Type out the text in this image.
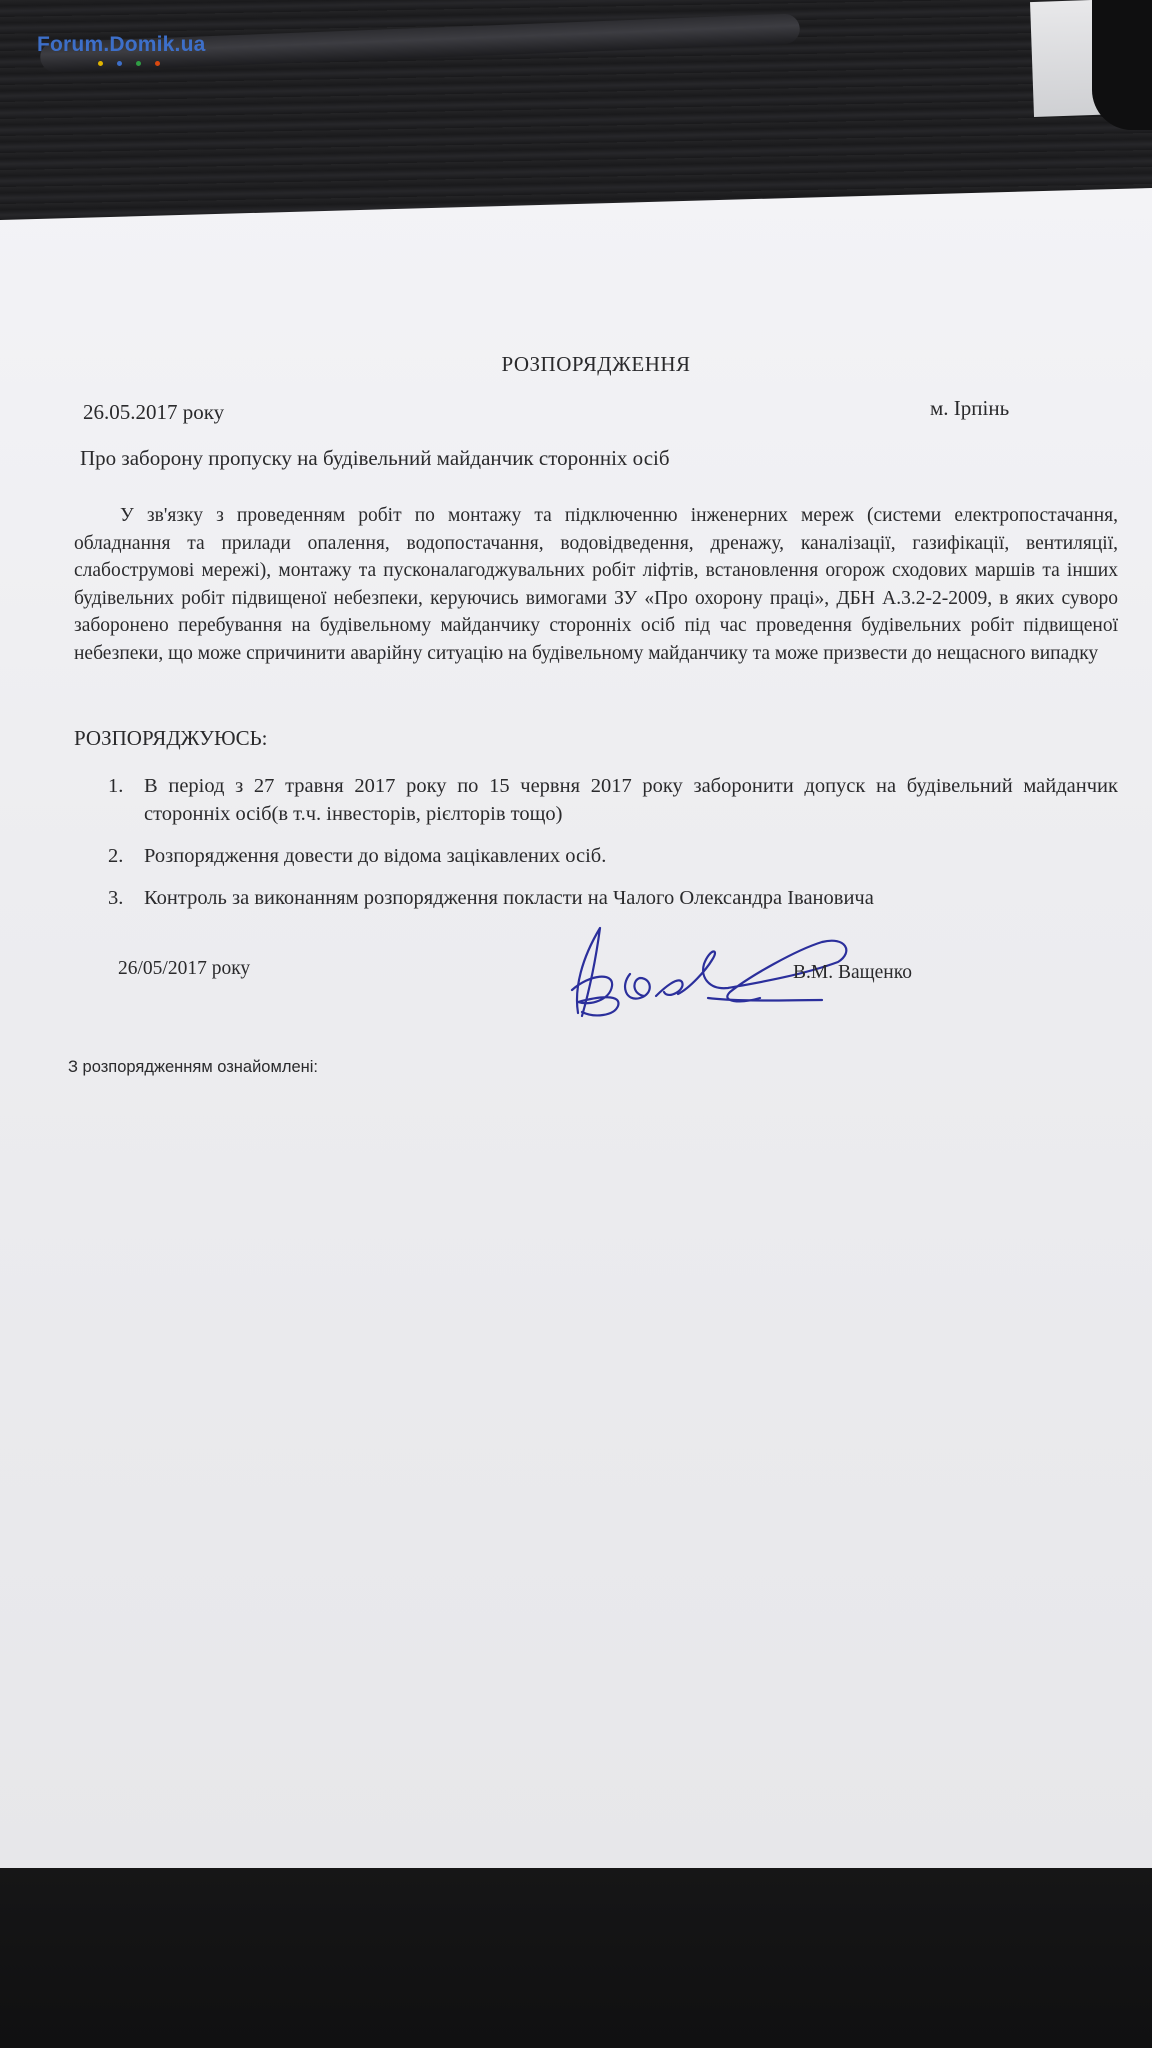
Forum.Domik.ua
РОЗПОРЯДЖЕННЯ
26.05.2017 року	м. Ірпінь
Про заборону пропуску на будівельний майданчик сторонніх осіб
У зв'язку з проведенням робіт по монтажу та підключенню інженерних мереж (системи електропостачання, обладнання та прилади опалення, водопостачання, водовідведення, дренажу, каналізації, газифікації, вентиляції, слабострумові мережі), монтажу та пусконалагоджувальних робіт ліфтів, встановлення огорож сходових маршів та інших будівельних робіт підвищеної небезпеки, керуючись вимогами ЗУ «Про охорону праці», ДБН А.3.2-2-2009, в яких суворо заборонено перебування на будівельному майданчику сторонніх осіб під час проведення будівельних робіт підвищеної небезпеки, що може спричинити аварійну ситуацію на будівельному майданчику та може призвести до нещасного випадку
РОЗПОРЯДЖУЮСЬ:
1. В період з 27 травня 2017 року по 15 червня 2017 року заборонити допуск на будівельний майданчик сторонніх осіб(в т.ч. інвесторів, рієлторів тощо)
2. Розпорядження довести до відома зацікавлених осіб.
3. Контроль за виконанням розпорядження покласти на Чалого Олександра Івановича
26/05/2017 року	В.М. Ващенко
З розпорядженням ознайомлені:
